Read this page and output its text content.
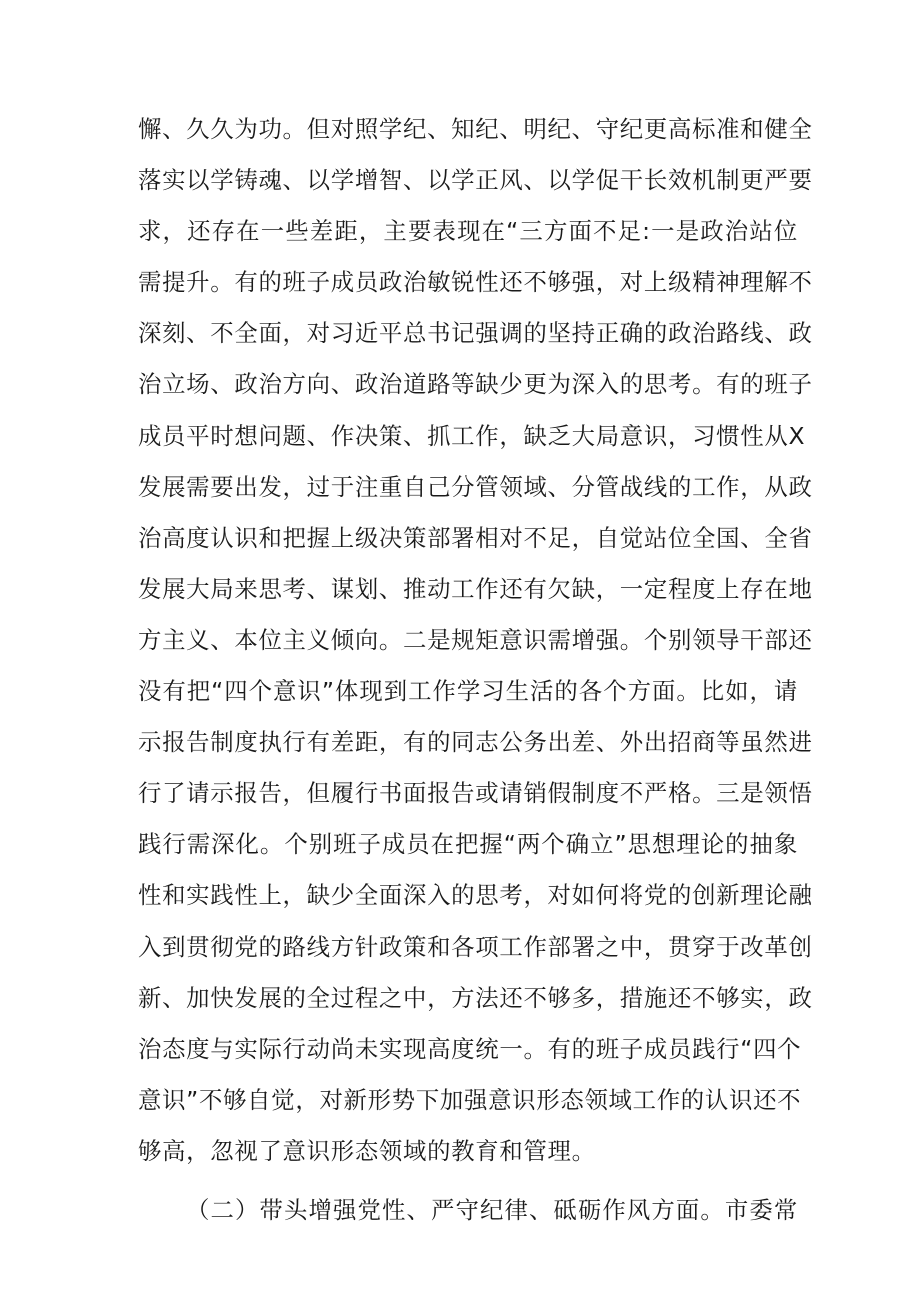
懈、久久为功。但对照学纪、知纪、明纪、守纪更高标准和健全
落实以学铸魂、以学增智、以学正风、以学促干长效机制更严要
求，还存在一些差距，主要表现在“三方面不足:一是政治站位
需提升。有的班子成员政治敏锐性还不够强，对上级精神理解不
深刻、不全面，对习近平总书记强调的坚持正确的政治路线、政
治立场、政治方向、政治道路等缺少更为深入的思考。有的班子
成员平时想问题、作决策、抓工作，缺乏大局意识，习惯性从X
发展需要出发，过于注重自己分管领域、分管战线的工作，从政
治高度认识和把握上级决策部署相对不足，自觉站位全国、全省
发展大局来思考、谋划、推动工作还有欠缺，一定程度上存在地
方主义、本位主义倾向。二是规矩意识需增强。个别领导干部还
没有把“四个意识”体现到工作学习生活的各个方面。比如，请
示报告制度执行有差距，有的同志公务出差、外出招商等虽然进
行了请示报告，但履行书面报告或请销假制度不严格。三是领悟
践行需深化。个别班子成员在把握“两个确立”思想理论的抽象
性和实践性上，缺少全面深入的思考，对如何将党的创新理论融
入到贯彻党的路线方针政策和各项工作部署之中，贯穿于改革创
新、加快发展的全过程之中，方法还不够多，措施还不够实，政
治态度与实际行动尚未实现高度统一。有的班子成员践行“四个
意识”不够自觉，对新形势下加强意识形态领域工作的认识还不
够高，忽视了意识形态领域的教育和管理。
（二）带头增强党性、严守纪律、砥砺作风方面。市委常
